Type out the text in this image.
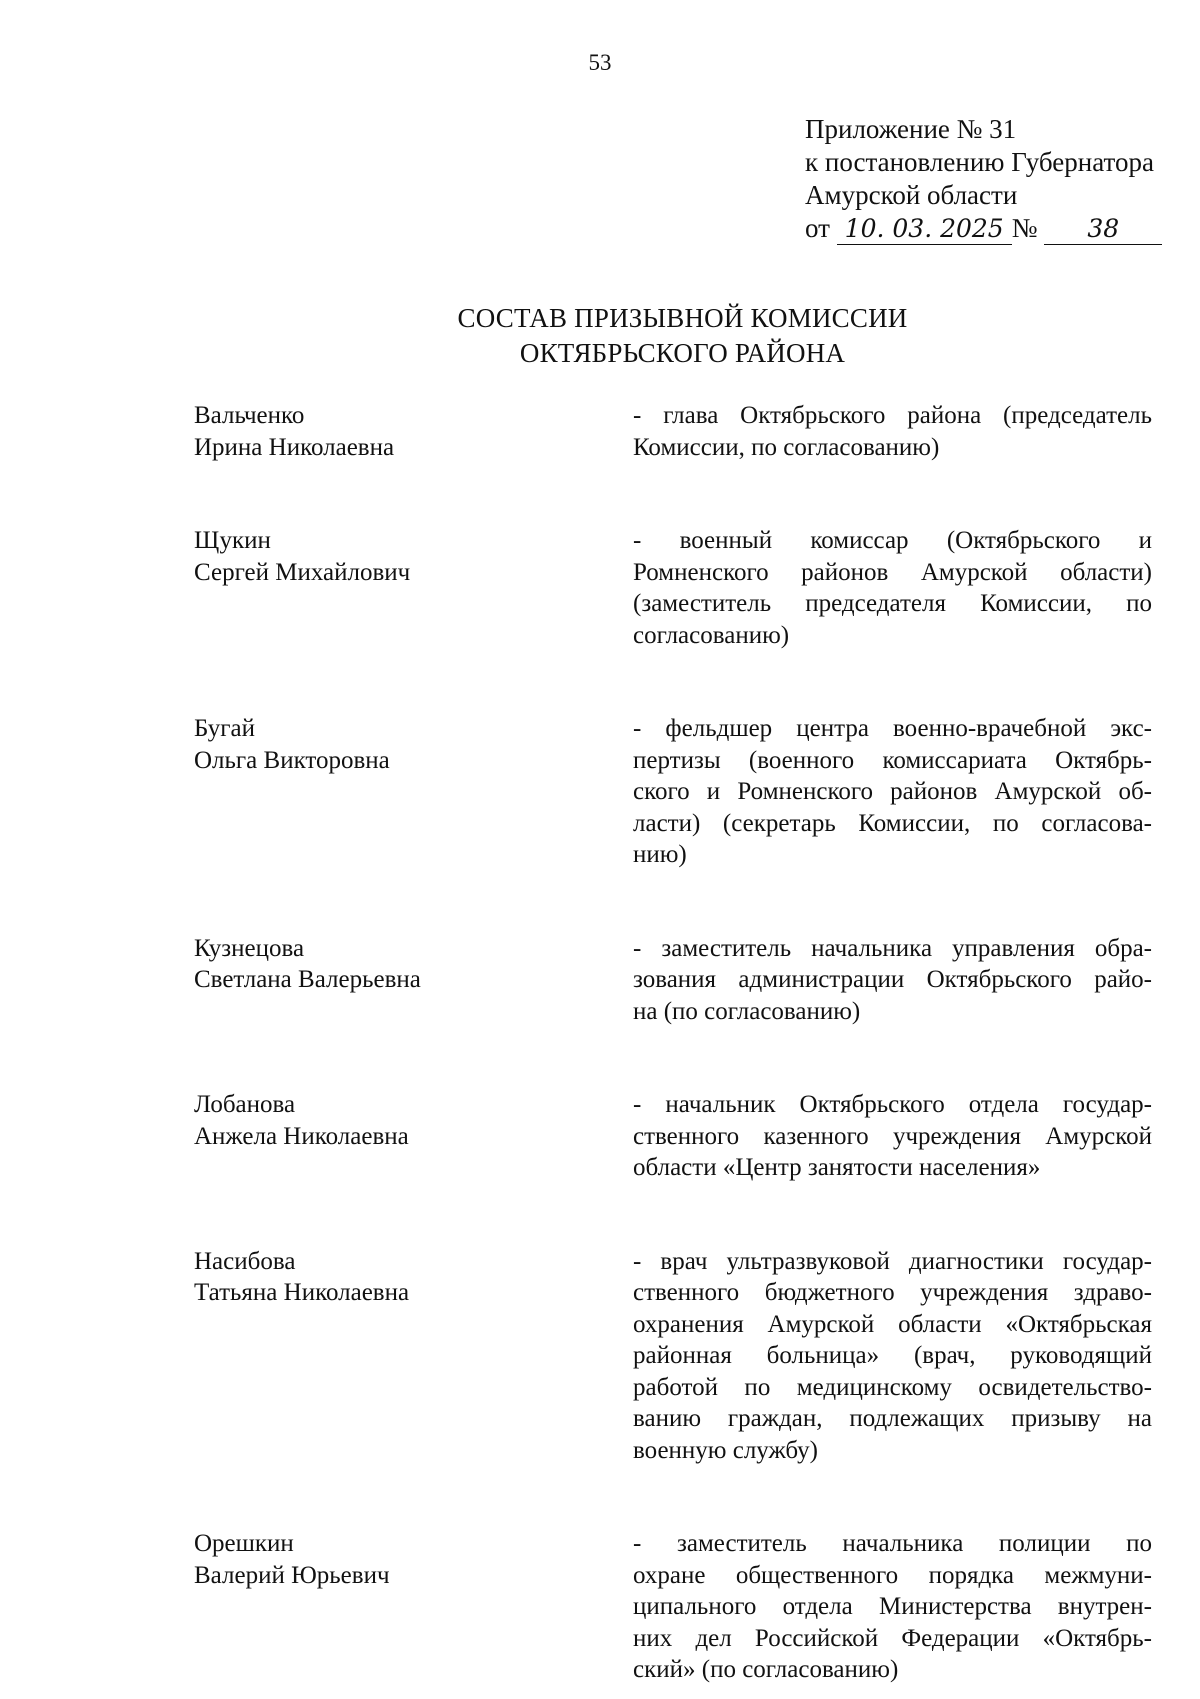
53
Приложение № 31
к постановлению Губернатора
Амурской области
от 10. 03. 2025 № 38
СОСТАВ ПРИЗЫВНОЙ КОМИССИИ
ОКТЯБРЬСКОГО РАЙОНА
Вальченко
Ирина Николаевна
- глава Октябрьского района (председатель
Комиссии, по согласованию)
Щукин
Сергей Михайлович
- военный комиссар (Октябрьского и
Ромненского районов Амурской области)
(заместитель председателя Комиссии, по
согласованию)
Бугай
Ольга Викторовна
- фельдшер центра военно-врачебной экс-
пертизы (военного комиссариата Октябрь-
ского и Ромненского районов Амурской об-
ласти) (секретарь Комиссии, по согласова-
нию)
Кузнецова
Светлана Валерьевна
- заместитель начальника управления обра-
зования администрации Октябрьского райо-
на (по согласованию)
Лобанова
Анжела Николаевна
- начальник Октябрьского отдела государ-
ственного казенного учреждения Амурской
области «Центр занятости населения»
Насибова
Татьяна Николаевна
- врач ультразвуковой диагностики государ-
ственного бюджетного учреждения здраво-
охранения Амурской области «Октябрьская
районная больница» (врач, руководящий
работой по медицинскому освидетельство-
ванию граждан, подлежащих призыву на
военную службу)
Орешкин
Валерий Юрьевич
- заместитель начальника полиции по
охране общественного порядка межмуни-
ципального отдела Министерства внутрен-
них дел Российской Федерации «Октябрь-
ский» (по согласованию)
